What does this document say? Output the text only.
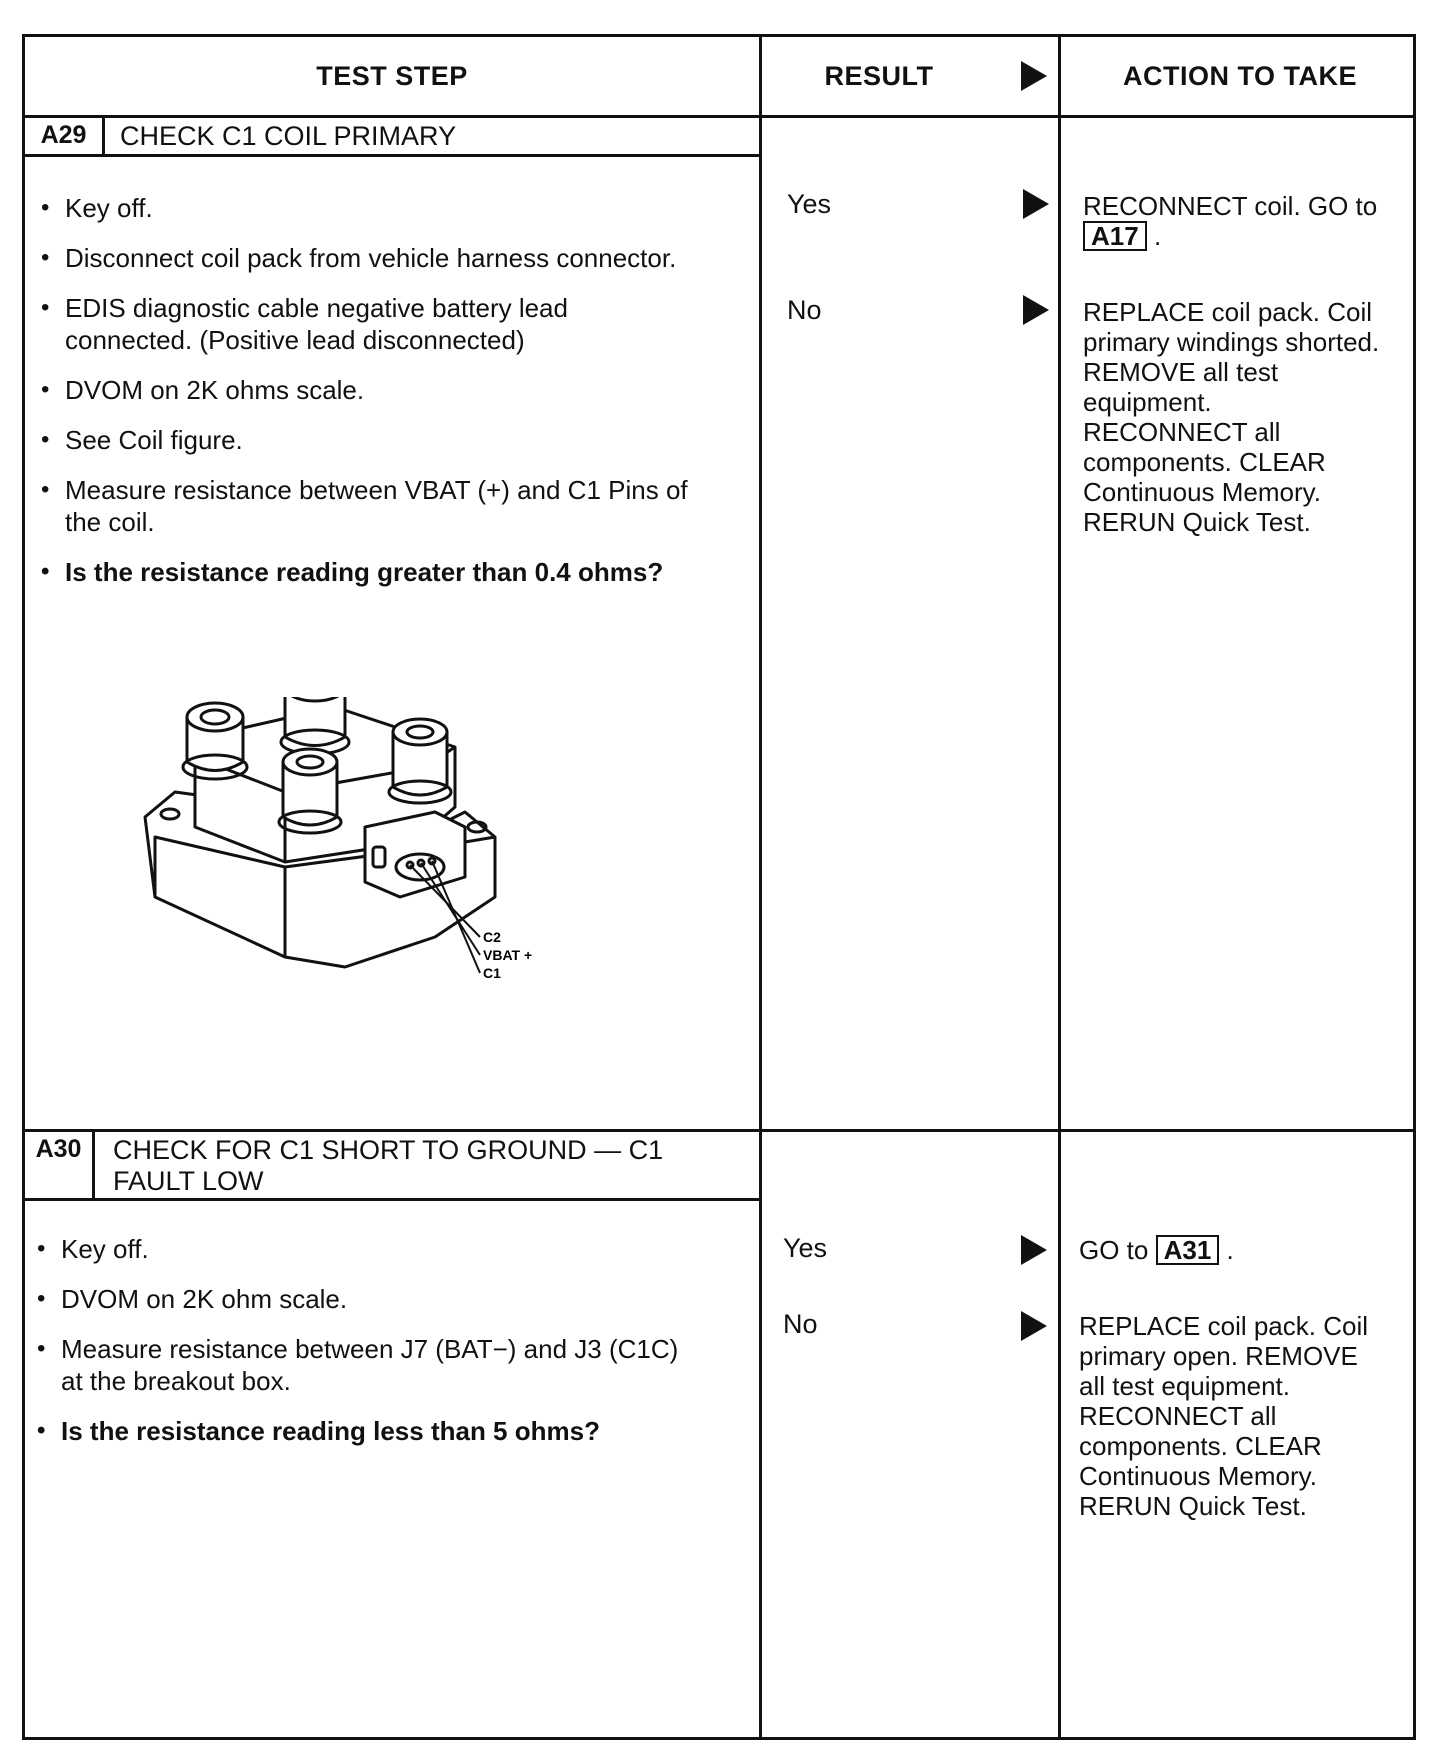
TEST STEP	RESULT	ACTION TO TAKE
A29	CHECK C1 COIL PRIMARY
• Key off.
• Disconnect coil pack from vehicle harness connector.
• EDIS diagnostic cable negative battery lead connected. (Positive lead disconnected)
• DVOM on 2K ohms scale.
• See Coil figure.
• Measure resistance between VBAT (+) and C1 Pins of the coil.
• Is the resistance reading greater than 0.4 ohms?
C2
VBAT +
C1
Yes	RECONNECT coil. GO to A17 .
No	REPLACE coil pack. Coil primary windings shorted. REMOVE all test equipment. RECONNECT all components. CLEAR Continuous Memory. RERUN Quick Test.
A30	CHECK FOR C1 SHORT TO GROUND — C1 FAULT LOW
• Key off.
• DVOM on 2K ohm scale.
• Measure resistance between J7 (BAT−) and J3 (C1C) at the breakout box.
• Is the resistance reading less than 5 ohms?
Yes	GO to A31 .
No	REPLACE coil pack. Coil primary open. REMOVE all test equipment. RECONNECT all components. CLEAR Continuous Memory. RERUN Quick Test.
